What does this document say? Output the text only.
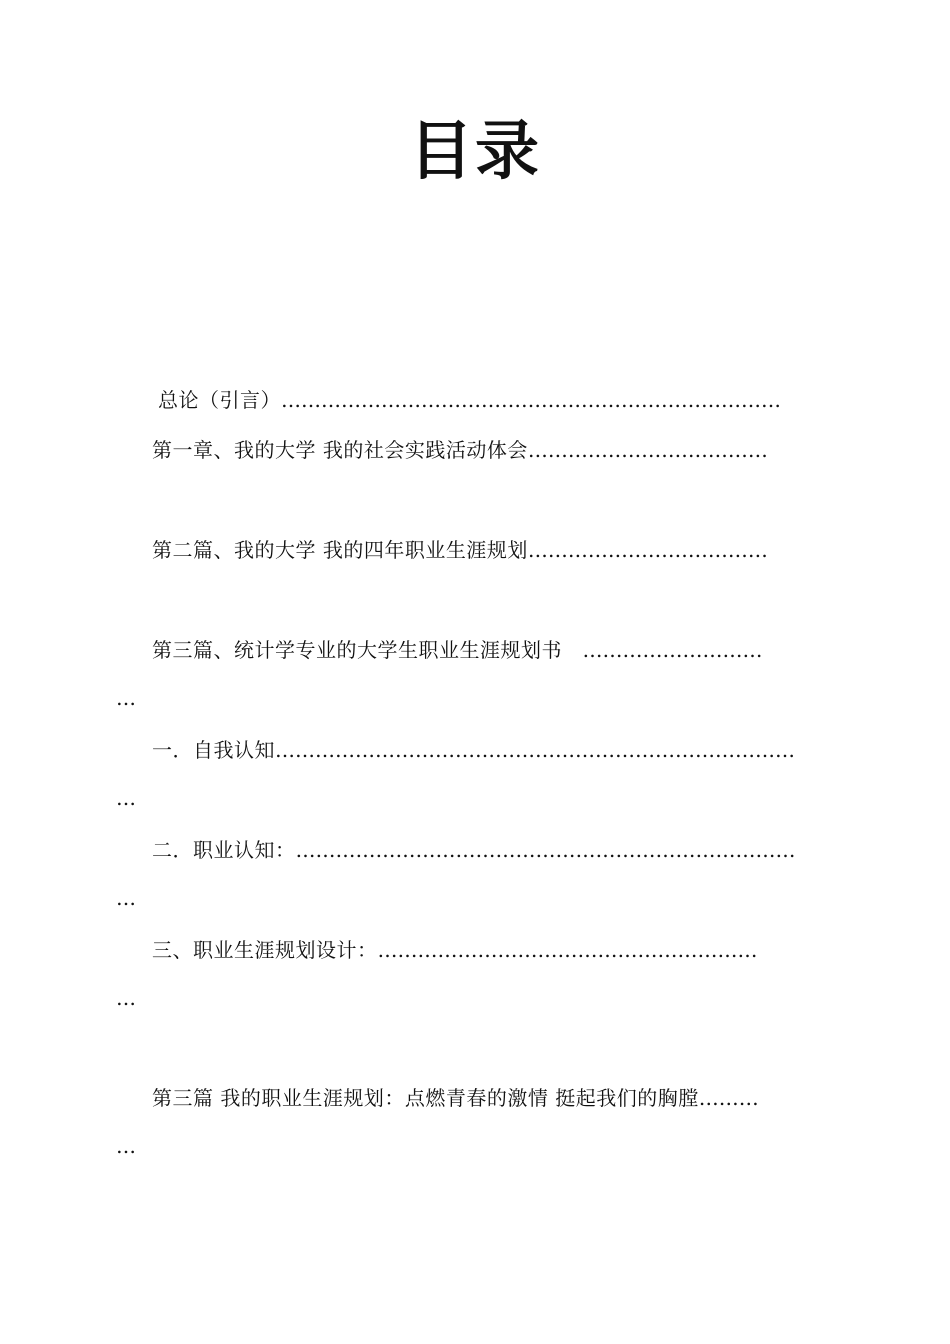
目录
总论（引言）…………………………………………………………………
第一章、我的大学 我的社会实践活动体会………………………………
第二篇、我的大学 我的四年职业生涯规划………………………………
第三篇、统计学专业的大学生职业生涯规划书　………………………
…
一．自我认知……………………………………………………………………
…
二．职业认知：…………………………………………………………………
…
三、职业生涯规划设计：…………………………………………………
…
第三篇 我的职业生涯规划：点燃青春的激情 挺起我们的胸膛………
…
